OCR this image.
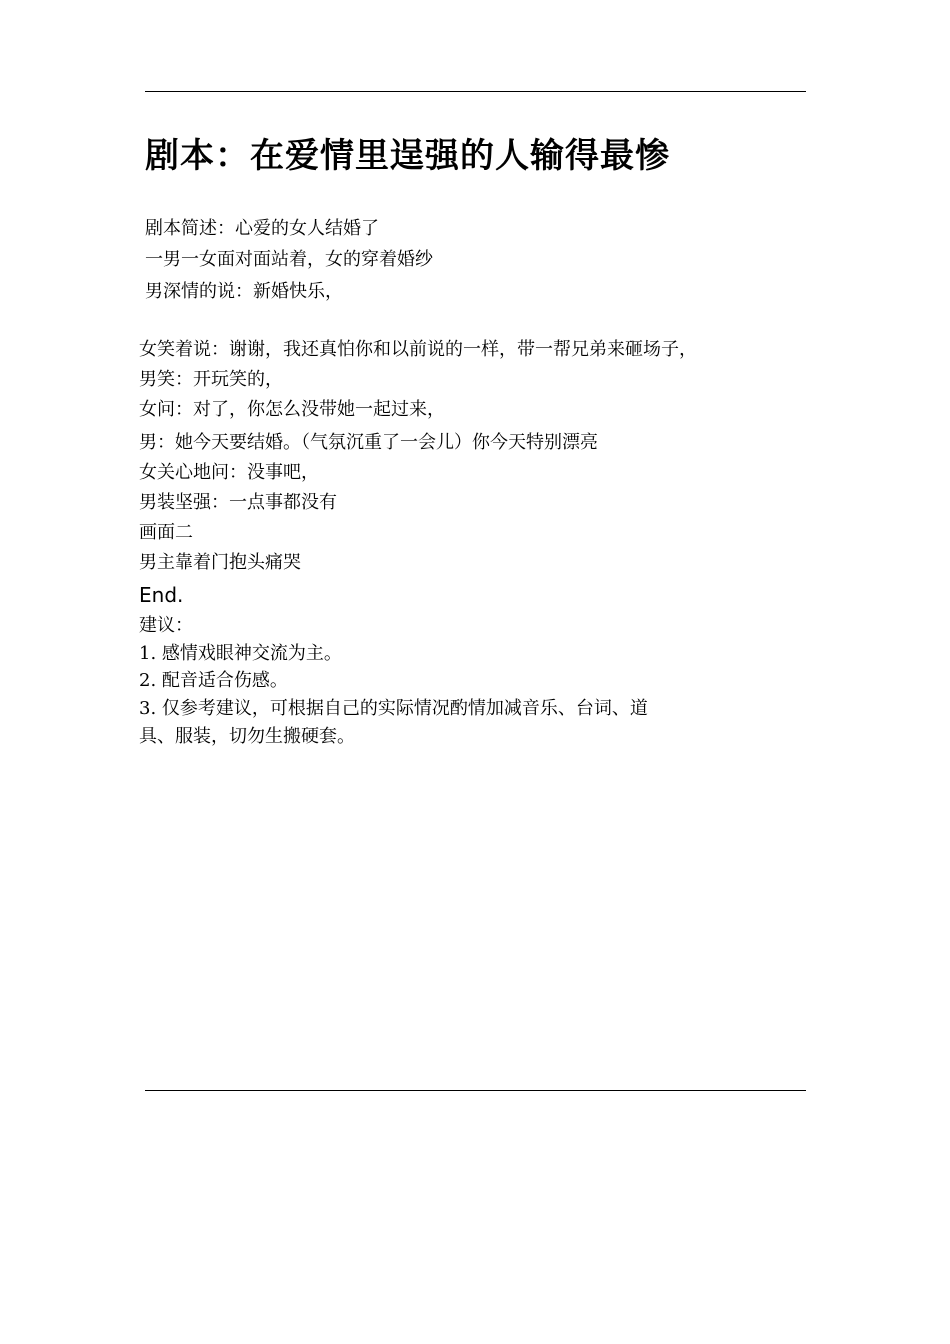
剧本：在爱情里逞强的人输得最惨
剧本简述：心爱的女人结婚了
一男一女面对面站着，女的穿着婚纱
男深情的说：新婚快乐，
女笑着说：谢谢，我还真怕你和以前说的一样，带一帮兄弟来砸场子，
男笑：开玩笑的，
女问：对了，你怎么没带她一起过来，
男：她今天要结婚。（气氛沉重了一会儿）你今天特别漂亮
女关心地问：没事吧，
男装坚强：一点事都没有
画面二
男主靠着门抱头痛哭
End.
建议：
1. 感情戏眼神交流为主。
2. 配音适合伤感。
3. 仅参考建议，可根据自己的实际情况酌情加减音乐、台词、道
具、服装，切勿生搬硬套。
